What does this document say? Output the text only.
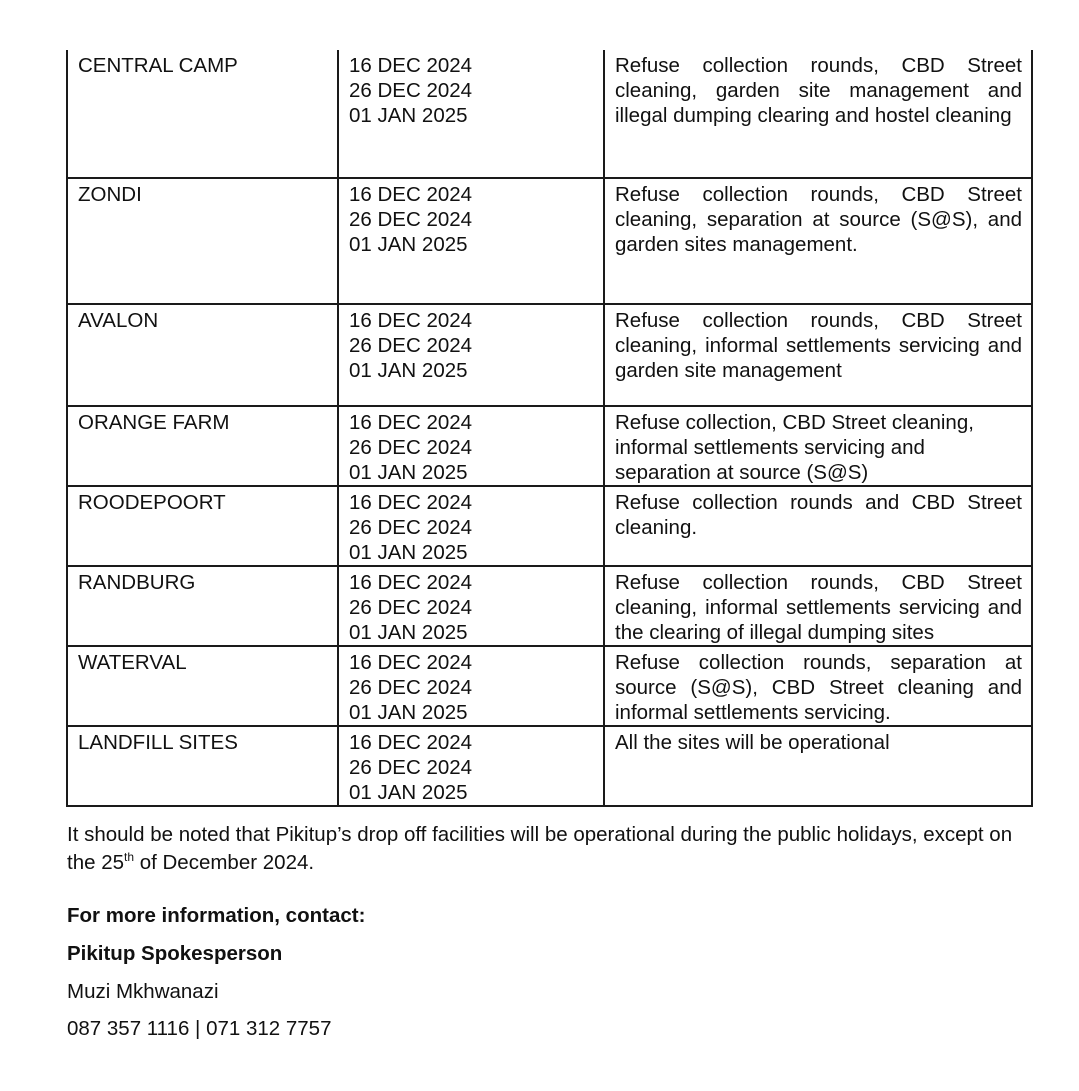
CENTRAL CAMP	16 DEC 2024
26 DEC 2024
01 JAN 2025	Refuse collection rounds, CBD Street cleaning, garden site management and illegal dumping clearing and hostel cleaning
ZONDI	16 DEC 2024
26 DEC 2024
01 JAN 2025	Refuse collection rounds, CBD Street cleaning, separation at source (S@S), and garden sites management.
AVALON	16 DEC 2024
26 DEC 2024
01 JAN 2025	Refuse collection rounds, CBD Street cleaning, informal settlements servicing and garden site management
ORANGE FARM	16 DEC 2024
26 DEC 2024
01 JAN 2025	Refuse collection, CBD Street cleaning, informal settlements servicing and separation at source (S@S)
ROODEPOORT	16 DEC 2024
26 DEC 2024
01 JAN 2025	Refuse collection rounds and CBD Street cleaning.
RANDBURG	16 DEC 2024
26 DEC 2024
01 JAN 2025	Refuse collection rounds, CBD Street cleaning, informal settlements servicing and the clearing of illegal dumping sites
WATERVAL	16 DEC 2024
26 DEC 2024
01 JAN 2025	Refuse collection rounds, separation at source (S@S), CBD Street cleaning and informal settlements servicing.
LANDFILL SITES	16 DEC 2024
26 DEC 2024
01 JAN 2025	All the sites will be operational
It should be noted that Pikitup’s drop off facilities will be operational during the public holidays, except on the 25th of December 2024.
For more information, contact:
Pikitup Spokesperson
Muzi Mkhwanazi
087 357 1116 | 071 312 7757
